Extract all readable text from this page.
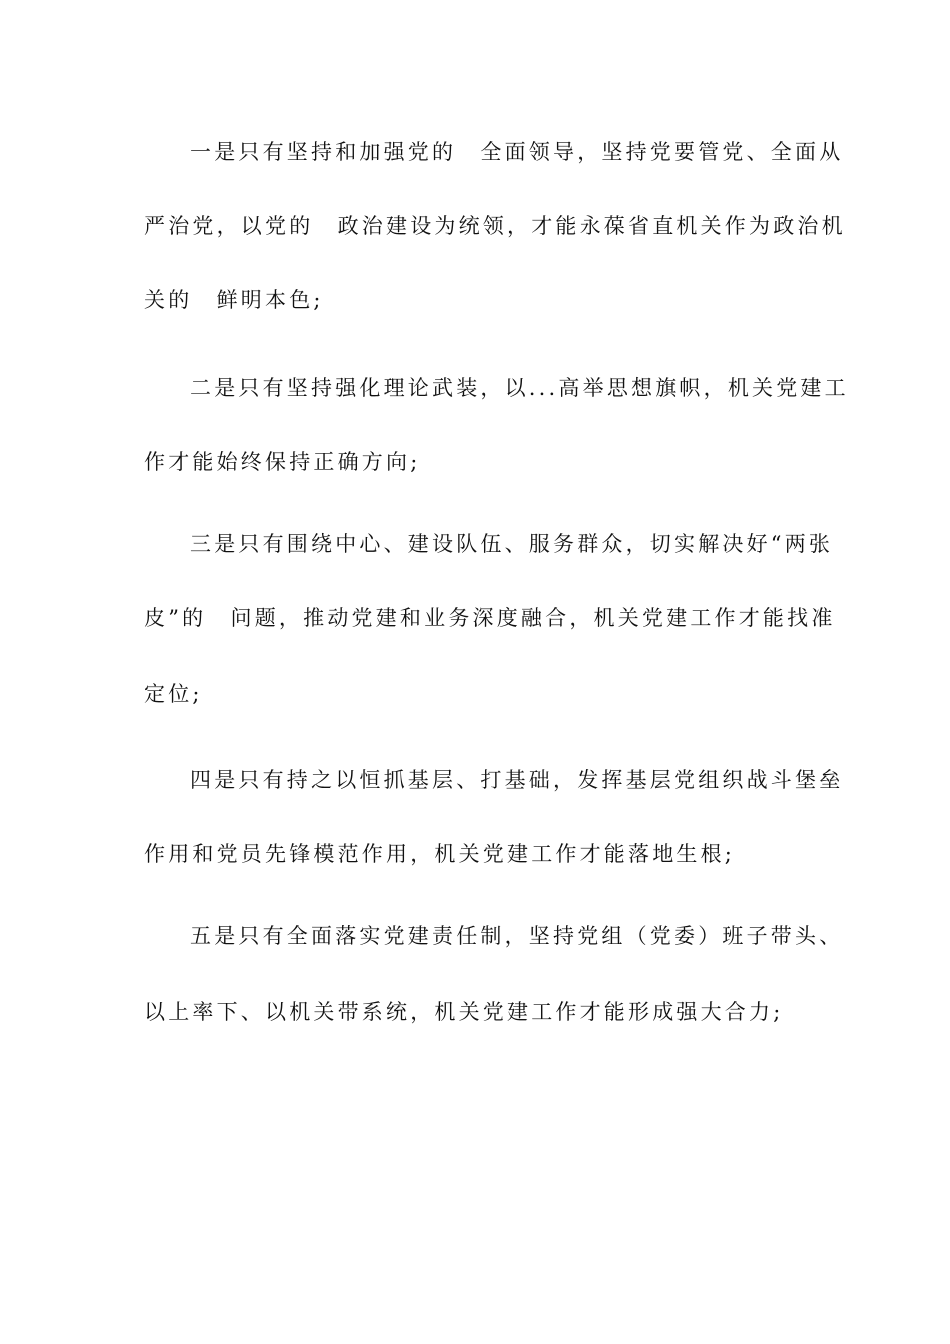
一是只有坚持和加强党的　全面领导，坚持党要管党、全面从
严治党，以党的　政治建设为统领，才能永葆省直机关作为政治机
关的　鲜明本色;
二是只有坚持强化理论武装，以...高举思想旗帜，机关党建工
作才能始终保持正确方向;
三是只有围绕中心、建设队伍、服务群众，切实解决好“两张
皮”的　问题，推动党建和业务深度融合，机关党建工作才能找准
定位;
四是只有持之以恒抓基层、打基础，发挥基层党组织战斗堡垒
作用和党员先锋模范作用，机关党建工作才能落地生根;
五是只有全面落实党建责任制，坚持党组（党委）班子带头、
以上率下、以机关带系统，机关党建工作才能形成强大合力;
